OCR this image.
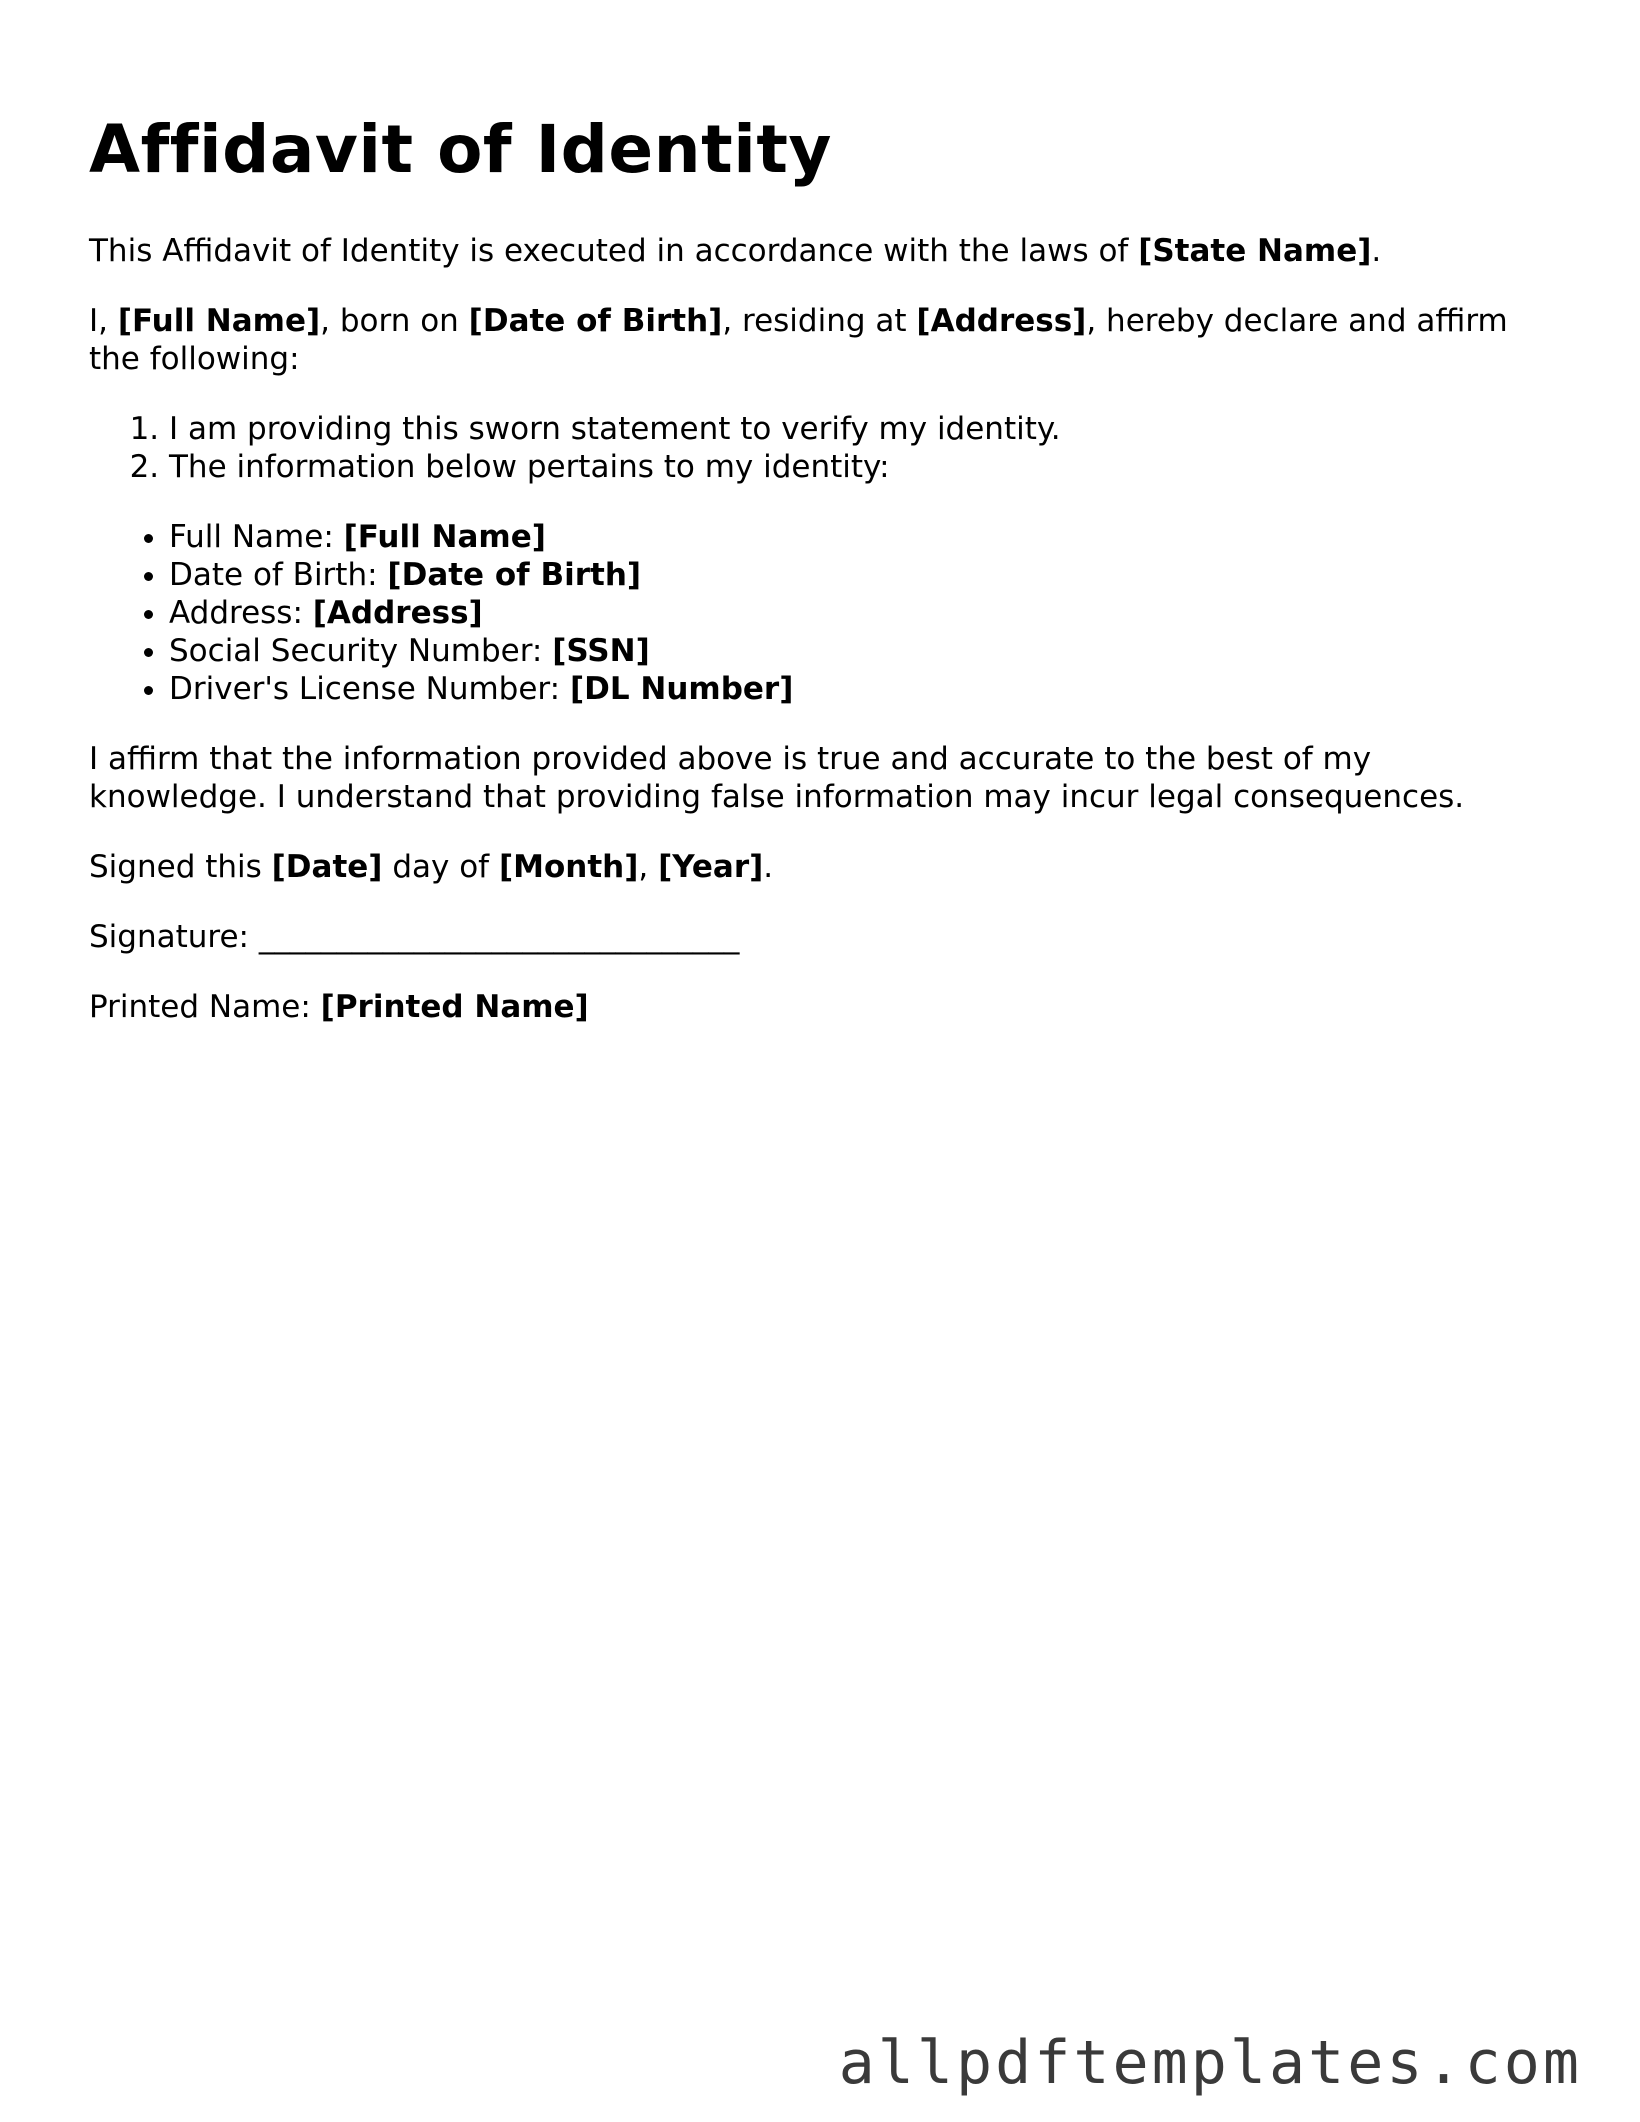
Affidavit of Identity

This Affidavit of Identity is executed in accordance with the laws of [State Name].

I, [Full Name], born on [Date of Birth], residing at [Address], hereby declare and affirm the following:

1. I am providing this sworn statement to verify my identity.
2. The information below pertains to my identity:
• Full Name: [Full Name]
• Date of Birth: [Date of Birth]
• Address: [Address]
• Social Security Number: [SSN]
• Driver's License Number: [DL Number]

I affirm that the information provided above is true and accurate to the best of my knowledge. I understand that providing false information may incur legal consequences.

Signed this [Date] day of [Month], [Year].

Signature: _______________________________

Printed Name: [Printed Name]

allpdftemplates.com
